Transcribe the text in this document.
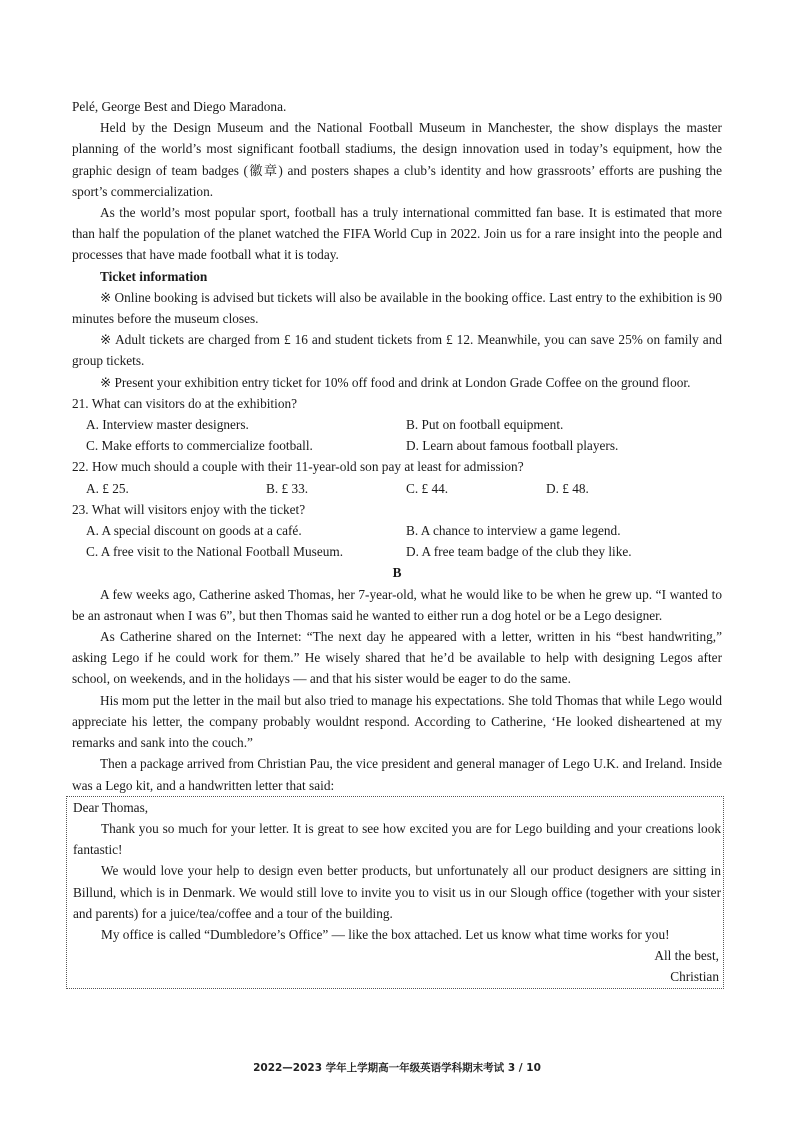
Pelé, George Best and Diego Maradona.

Held by the Design Museum and the National Football Museum in Manchester, the show displays the master planning of the world’s most significant football stadiums, the design innovation used in today’s equipment, how the graphic design of team badges (徽章) and posters shapes a club’s identity and how grassroots’ efforts are pushing the sport’s commercialization.

As the world’s most popular sport, football has a truly international committed fan base. It is estimated that more than half the population of the planet watched the FIFA World Cup in 2022. Join us for a rare insight into the people and processes that have made football what it is today.

Ticket information

※ Online booking is advised but tickets will also be available in the booking office. Last entry to the exhibition is 90 minutes before the museum closes.

※ Adult tickets are charged from £ 16 and student tickets from £ 12. Meanwhile, you can save 25% on family and group tickets.

※ Present your exhibition entry ticket for 10% off food and drink at London Grade Coffee on the ground floor.

21. What can visitors do at the exhibition?

A. Interview master designers.	B. Put on football equipment.
C. Make efforts to commercialize football.	D. Learn about famous football players.

22. How much should a couple with their 11-year-old son pay at least for admission?

A. £ 25.	B. £ 33.	C. £ 44.	D. £ 48.

23. What will visitors enjoy with the ticket?

A. A special discount on goods at a café.	B. A chance to interview a game legend.
C. A free visit to the National Football Museum.	D. A free team badge of the club they like.

B

A few weeks ago, Catherine asked Thomas, her 7-year-old, what he would like to be when he grew up. “I wanted to be an astronaut when I was 6”, but then Thomas said he wanted to either run a dog hotel or be a Lego designer.

As Catherine shared on the Internet: “The next day he appeared with a letter, written in his “best handwriting,” asking Lego if he could work for them.” He wisely shared that he’d be available to help with designing Legos after school, on weekends, and in the holidays — and that his sister would be eager to do the same.

His mom put the letter in the mail but also tried to manage his expectations. She told Thomas that while Lego would appreciate his letter, the company probably wouldnt respond. According to Catherine, ‘He looked disheartened at my remarks and sank into the couch.”

Then a package arrived from Christian Pau, the vice president and general manager of Lego U.K. and Ireland. Inside was a Lego kit, and a handwritten letter that said:

Dear Thomas,

Thank you so much for your letter. It is great to see how excited you are for Lego building and your creations look fantastic!

We would love your help to design even better products, but unfortunately all our product designers are sitting in Billund, which is in Denmark. We would still love to invite you to visit us in our Slough office (together with your sister and parents) for a juice/tea/coffee and a tour of the building.

My office is called “Dumbledore’s Office” — like the box attached. Let us know what time works for you!

All the best,

Christian

2022—2023 学年上学期高一年级英语学科期末考试 3 / 10
